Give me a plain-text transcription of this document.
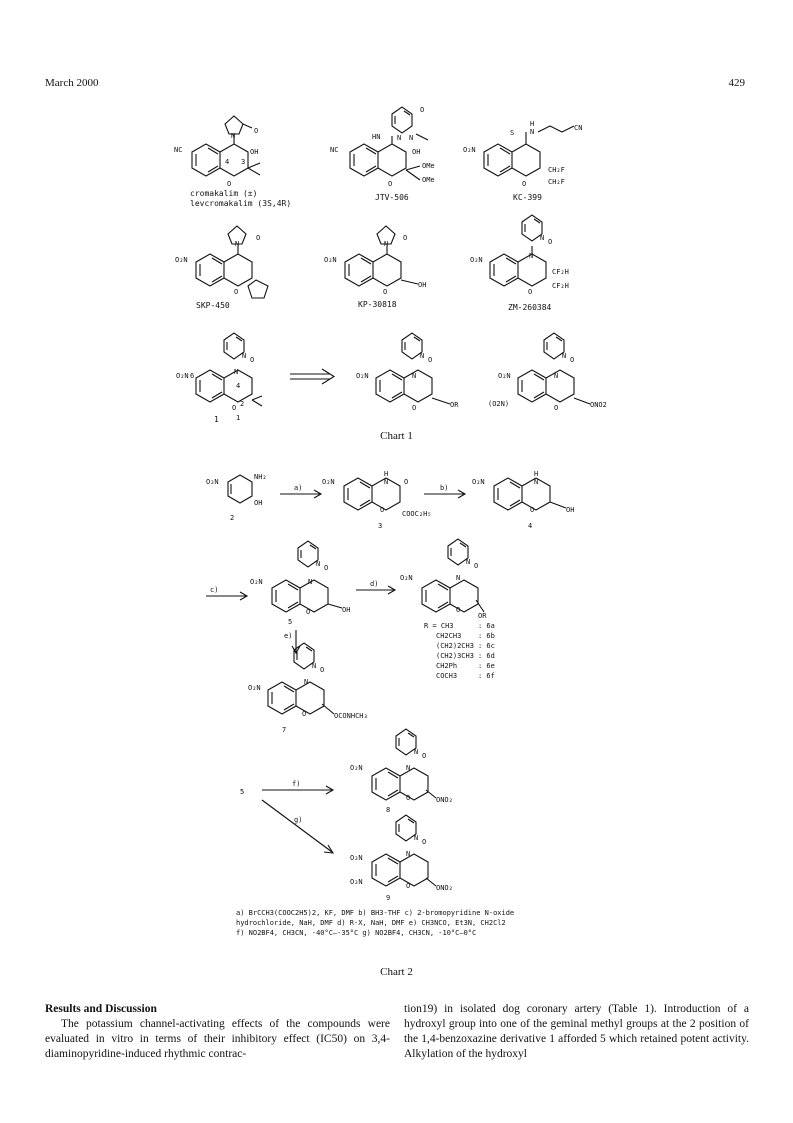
March 2000	429
O
N
NC	OH
4 3
O
cromakalim (±)
levcromakalim (3S,4R)
HN
O
N N
NC	OH
O
OMe
OMe
JTV-506
S
H
N	CN
O₂N
O
CH₂F
CH₂F
KC-399
O
O₂N
O
SKP-450
O
O₂N
O
OH
KP-30818
N
N O
O₂N
O
CF₂H
CF₂H
ZM-260384
N
4
N O
O₂N 6
O 2
1
1
N
N O
O₂N
O	OR
N
N O
O₂N
(O2N)	O	ONO2
O₂N
NH₂
OH
2
a)
O₂N
H
N O
O	COOC₂H₅
3
b)
O₂N
H
N
O	OH
4
c)
N
N O
O₂N
O	OH
5
d)
N
N O
O₂N
O
OR
R = CH3	: 6a
CH2CH3 : 6b
(CH2)2CH3 : 6c
(CH2)3CH3 : 6d
CH2Ph	: 6e
COCH3	: 6f
e)
N
N O
O₂N
O	OCONHCH₃
7
5
f)
g)
N
N O
O₂N
O	ONO₂
8
N
N O
O₂N
O₂N	O	ONO₂
9
Chart 1
a) BrCCH3(COOC2H5)2, KF, DMF b) BH3-THF c) 2-bromopyridine N-oxide
hydrochloride, NaH, DMF d) R-X, NaH, DMF e) CH3NCO, Et3N, CH2Cl2
f) NO2BF4, CH3CN, -40°C—-35°C g) NO2BF4, CH3CN, -10°C—0°C
Chart 2

Results and Discussion

The potassium channel-activating effects of the compounds were evaluated in vitro in terms of their inhibitory effect (IC50) on 3,4-diaminopyridine-induced rhythmic contrac-

tion19) in isolated dog coronary artery (Table 1). Introduction of a hydroxyl group into one of the geminal methyl groups at the 2 position of the 1,4-benzoxazine derivative 1 afforded 5 which retained potent activity. Alkylation of the hydroxyl
